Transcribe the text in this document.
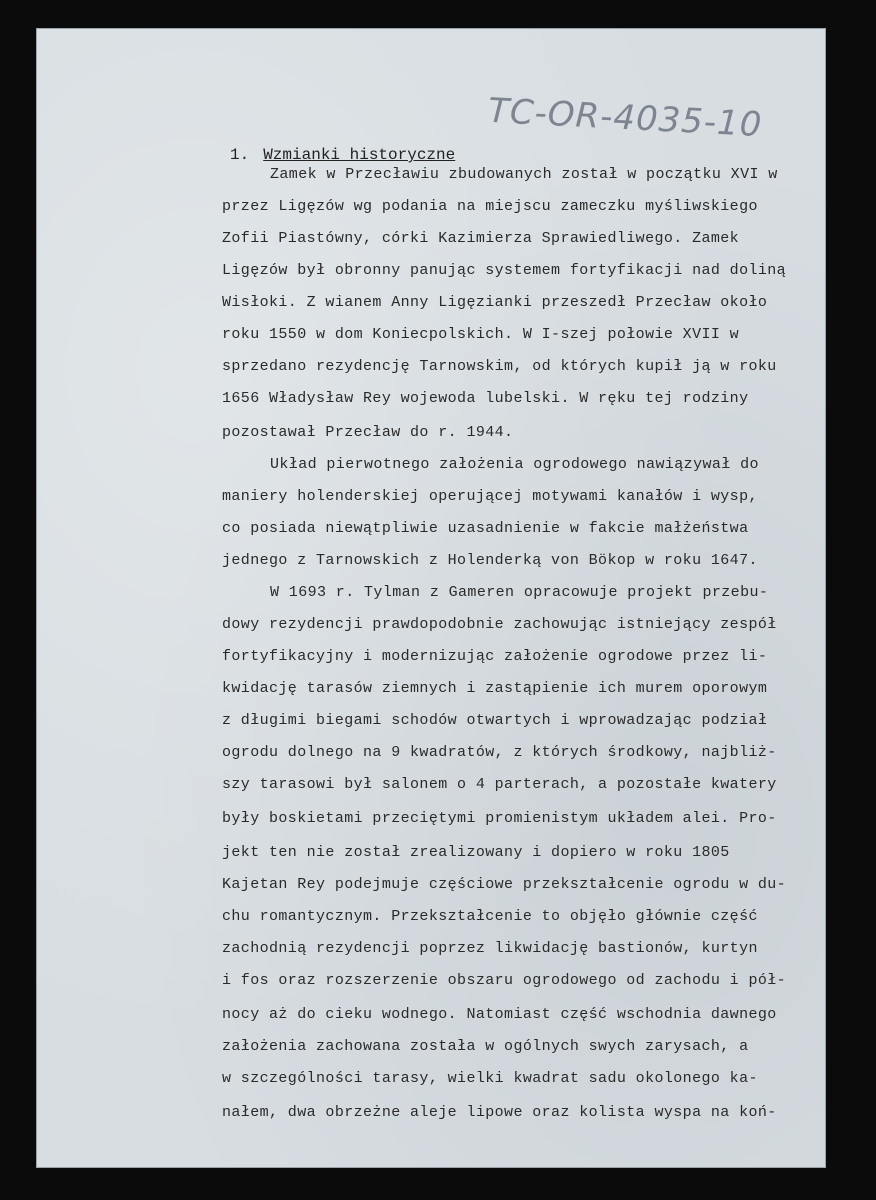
TC-OR-4035-10
1. Wzmianki historyczne
Zamek w Przecławiu zbudowanych został w początku XVI w
przez Ligęzów wg podania na miejscu zameczku myśliwskiego
Zofii Piastówny, córki Kazimierza Sprawiedliwego. Zamek
Ligęzów był obronny panując systemem fortyfikacji nad doliną
Wisłoki. Z wianem Anny Ligęzianki przeszedł Przecław około
roku 1550 w dom Koniecpolskich. W I-szej połowie XVII w
sprzedano rezydencję Tarnowskim, od których kupił ją w roku
1656 Władysław Rey wojewoda lubelski. W ręku tej rodziny
pozostawał Przecław do r. 1944.
Układ pierwotnego założenia ogrodowego nawiązywał do
maniery holenderskiej operującej motywami kanałów i wysp,
co posiada niewątpliwie uzasadnienie w fakcie małżeństwa
jednego z Tarnowskich z Holenderką von Bökop w roku 1647.
W 1693 r. Tylman z Gameren opracowuje projekt przebu-
dowy rezydencji prawdopodobnie zachowując istniejący zespół
fortyfikacyjny i modernizując założenie ogrodowe przez li-
kwidację tarasów ziemnych i zastąpienie ich murem oporowym
z długimi biegami schodów otwartych i wprowadzając podział
ogrodu dolnego na 9 kwadratów, z których środkowy, najbliż-
szy tarasowi był salonem o 4 parterach, a pozostałe kwatery
były boskietami przeciętymi promienistym układem alei. Pro-
jekt ten nie został zrealizowany i dopiero w roku 1805
Kajetan Rey podejmuje częściowe przekształcenie ogrodu w du-
chu romantycznym. Przekształcenie to objęło głównie część
zachodnią rezydencji poprzez likwidację bastionów, kurtyn
i fos oraz rozszerzenie obszaru ogrodowego od zachodu i pół-
nocy aż do cieku wodnego. Natomiast część wschodnia dawnego
założenia zachowana została w ogólnych swych zarysach, a
w szczególności tarasy, wielki kwadrat sadu okolonego ka-
nałem, dwa obrzeżne aleje lipowe oraz kolista wyspa na koń-
